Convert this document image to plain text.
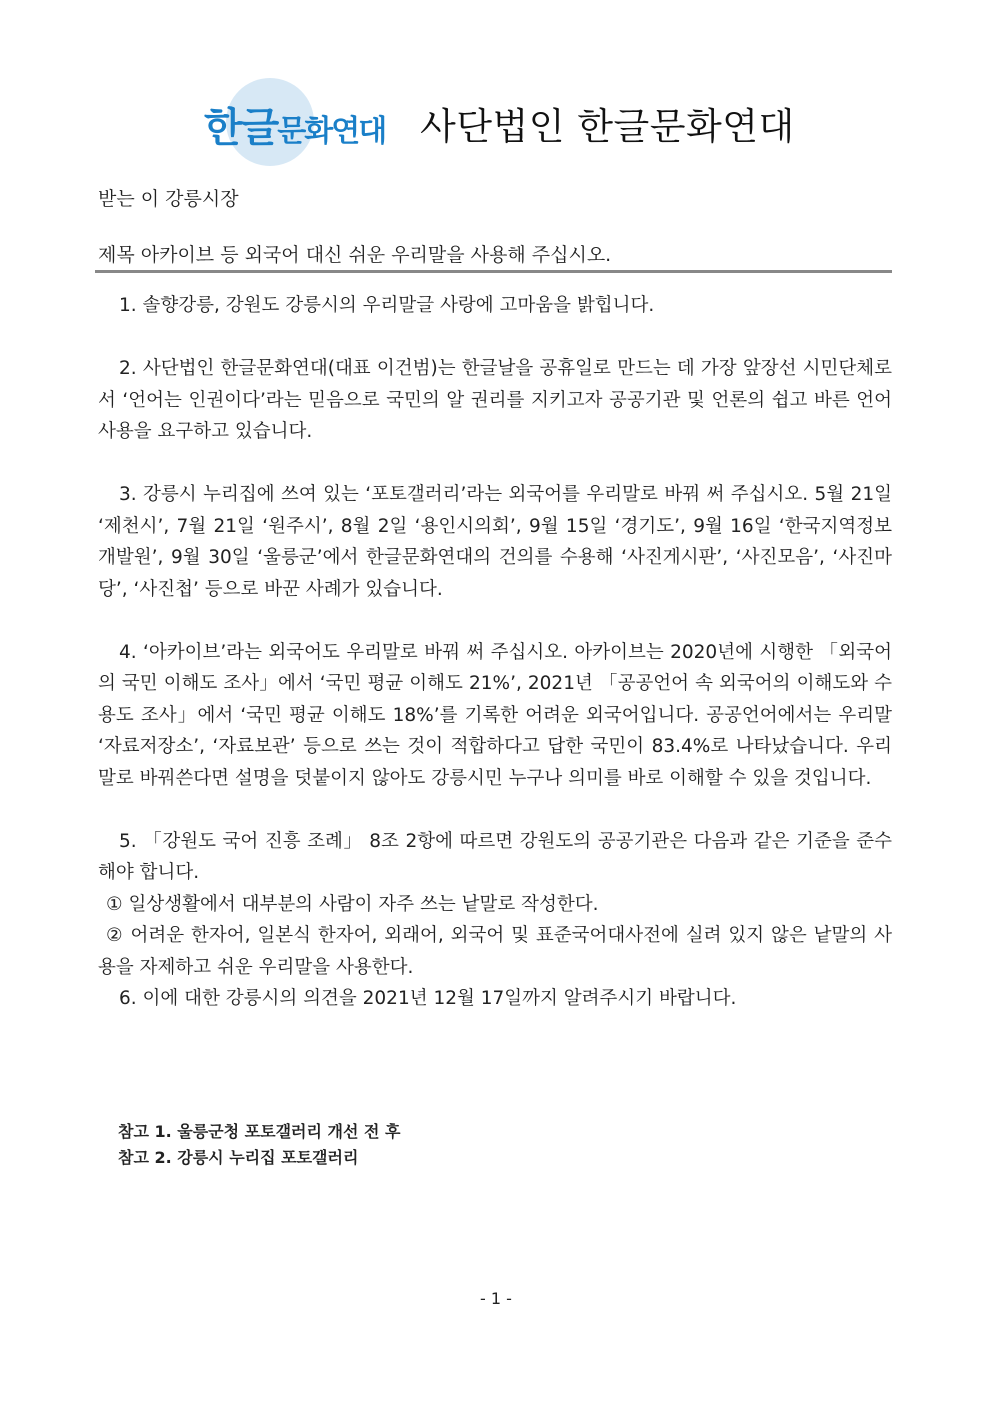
한글문화연대 사단법인 한글문화연대
받는 이 강릉시장
제목 아카이브 등 외국어 대신 쉬운 우리말을 사용해 주십시오.

1. 솔향강릉, 강원도 강릉시의 우리말글 사랑에 고마움을 밝힙니다.

2. 사단법인 한글문화연대(대표 이건범)는 한글날을 공휴일로 만드는 데 가장 앞장선 시민단체로서 ‘언어는 인권이다’라는 믿음으로 국민의 알 권리를 지키고자 공공기관 및 언론의 쉽고 바른 언어 사용을 요구하고 있습니다.

3. 강릉시 누리집에 쓰여 있는 ‘포토갤러리’라는 외국어를 우리말로 바꿔 써 주십시오. 5월 21일 ‘제천시’, 7월 21일 ‘원주시’, 8월 2일 ‘용인시의회’, 9월 15일 ‘경기도’, 9월 16일 ‘한국지역정보개발원’, 9월 30일 ‘울릉군’에서 한글문화연대의 건의를 수용해 ‘사진게시판’, ‘사진모음’, ‘사진마당’, ‘사진첩’ 등으로 바꾼 사례가 있습니다.

4. ‘아카이브’라는 외국어도 우리말로 바꿔 써 주십시오. 아카이브는 2020년에 시행한 「외국어의 국민 이해도 조사」에서 ‘국민 평균 이해도 21%’, 2021년 「공공언어 속 외국어의 이해도와 수용도 조사」에서 ‘국민 평균 이해도 18%’를 기록한 어려운 외국어입니다. 공공언어에서는 우리말 ‘자료저장소’, ‘자료보관’ 등으로 쓰는 것이 적합하다고 답한 국민이 83.4%로 나타났습니다. 우리말로 바꿔쓴다면 설명을 덧붙이지 않아도 강릉시민 누구나 의미를 바로 이해할 수 있을 것입니다.

5. 「강원도 국어 진흥 조례」 8조 2항에 따르면 강원도의 공공기관은 다음과 같은 기준을 준수해야 합니다.

① 일상생활에서 대부분의 사람이 자주 쓰는 낱말로 작성한다.

② 어려운 한자어, 일본식 한자어, 외래어, 외국어 및 표준국어대사전에 실려 있지 않은 낱말의 사용을 자제하고 쉬운 우리말을 사용한다.

6. 이에 대한 강릉시의 의견을 2021년 12월 17일까지 알려주시기 바랍니다.

참고 1. 울릉군청 포토갤러리 개선 전 후
참고 2. 강릉시 누리집 포토갤러리
- 1 -
